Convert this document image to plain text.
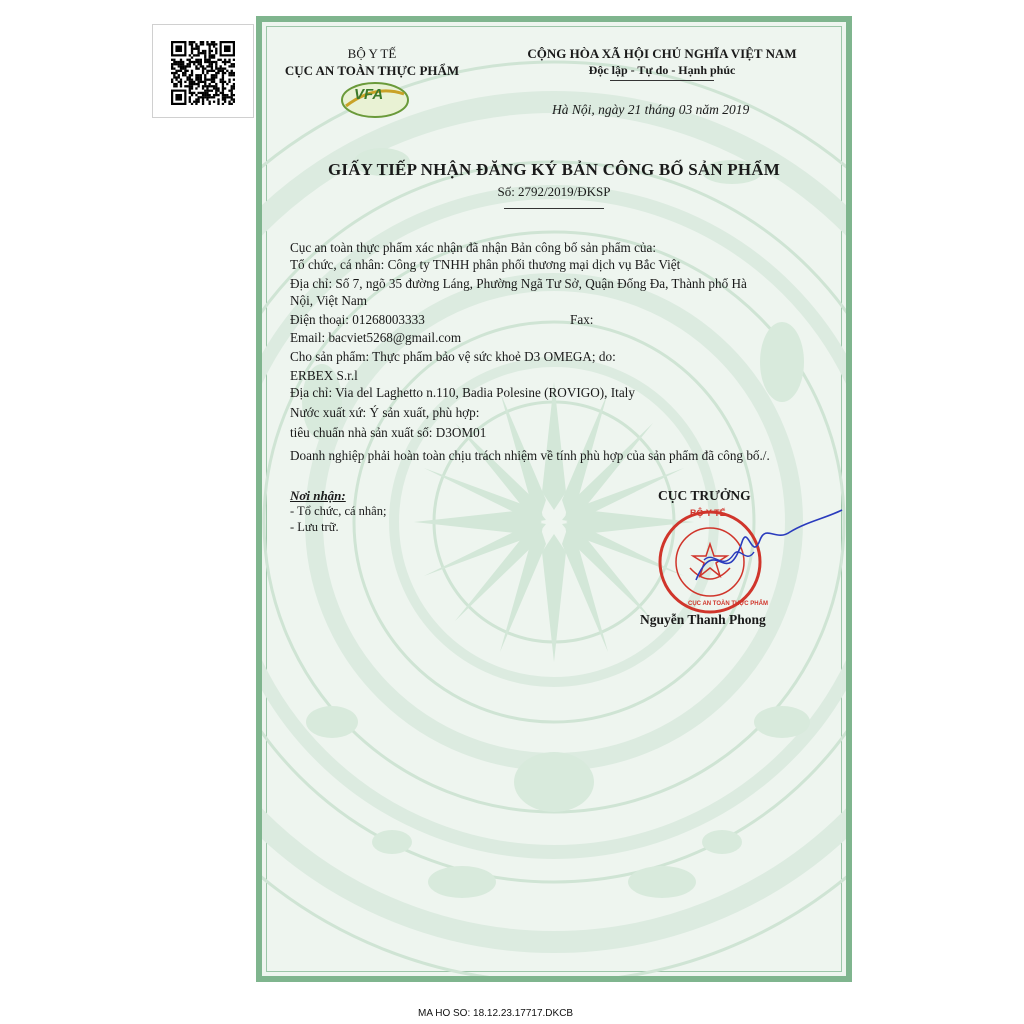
BỘ Y TẾ
CỤC AN TOÀN THỰC PHẨM
VFA
CỘNG HÒA XÃ HỘI CHỦ NGHĨA VIỆT NAM
Độc lập - Tự do - Hạnh phúc
Hà Nội, ngày 21 tháng 03 năm 2019
GIẤY TIẾP NHẬN ĐĂNG KÝ BẢN CÔNG BỐ SẢN PHẨM
Số: 2792/2019/ĐKSP
Cục an toàn thực phẩm xác nhận đã nhận Bản công bố sản phẩm của:
Tổ chức, cá nhân: Công ty TNHH phân phối thương mại dịch vụ Bắc Việt
Địa chỉ: Số 7, ngõ 35 đường Láng, Phường Ngã Tư Sở, Quận Đống Đa, Thành phố Hà
Nội, Việt Nam
Điện thoại: 01268003333	Fax:
Email: bacviet5268@gmail.com
Cho sản phẩm: Thực phẩm bảo vệ sức khoẻ D3 OMEGA; do:
ERBEX S.r.l
Địa chỉ: Via del Laghetto n.110, Badia Polesine (ROVIGO), Italy
Nước xuất xứ: Ý sản xuất, phù hợp:
tiêu chuẩn nhà sản xuất số: D3OM01
Doanh nghiệp phải hoàn toàn chịu trách nhiệm về tính phù hợp của sản phẩm đã công bố./.
Nơi nhận:
- Tổ chức, cá nhân;
- Lưu trữ.
CỤC TRƯỞNG
BỘ Y TẾ
CỤC AN TOÀN THỰC PHẨM
Nguyễn Thanh Phong
MA HO SO: 18.12.23.17717.DKCB
